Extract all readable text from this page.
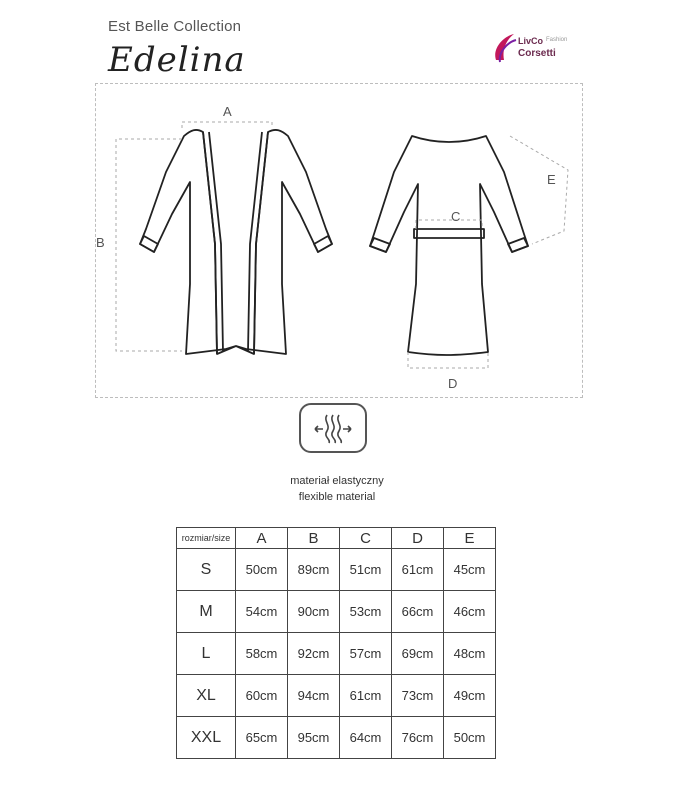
Est Belle Collection
Edelina	LivCo Fashion
Corsetti
A
B
C
D
E
materiał elastyczny
flexible material
rozmiar/size	A	B	C	D	E
S	50cm	89cm	51cm	61cm	45cm
M	54cm	90cm	53cm	66cm	46cm
L	58cm	92cm	57cm	69cm	48cm
XL	60cm	94cm	61cm	73cm	49cm
XXL	65cm	95cm	64cm	76cm	50cm
